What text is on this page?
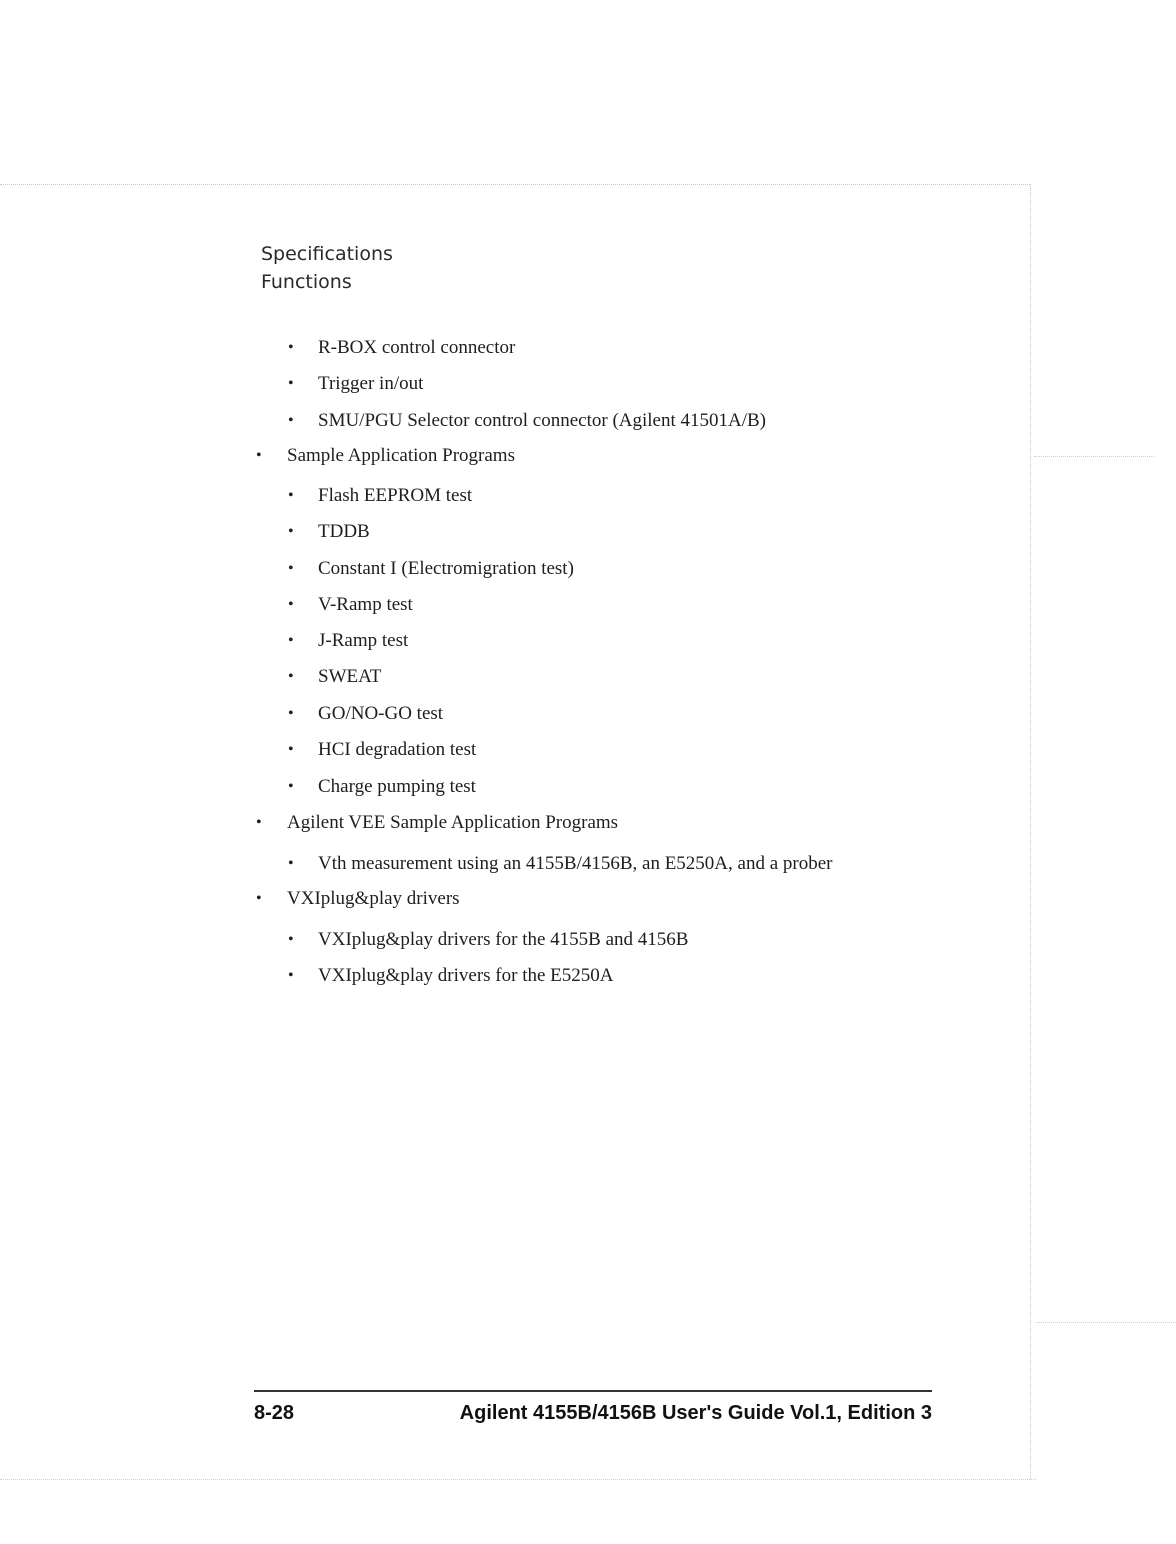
Specifications
Functions
• R-BOX control connector
• Trigger in/out
• SMU/PGU Selector control connector (Agilent 41501A/B)
• Sample Application Programs
• Flash EEPROM test
• TDDB
• Constant I (Electromigration test)
• V-Ramp test
• J-Ramp test
• SWEAT
• GO/NO-GO test
• HCI degradation test
• Charge pumping test
• Agilent VEE Sample Application Programs
• Vth measurement using an 4155B/4156B, an E5250A, and a prober
• VXIplug&play drivers
• VXIplug&play drivers for the 4155B and 4156B
• VXIplug&play drivers for the E5250A
8-28	Agilent 4155B/4156B User's Guide Vol.1, Edition 3
